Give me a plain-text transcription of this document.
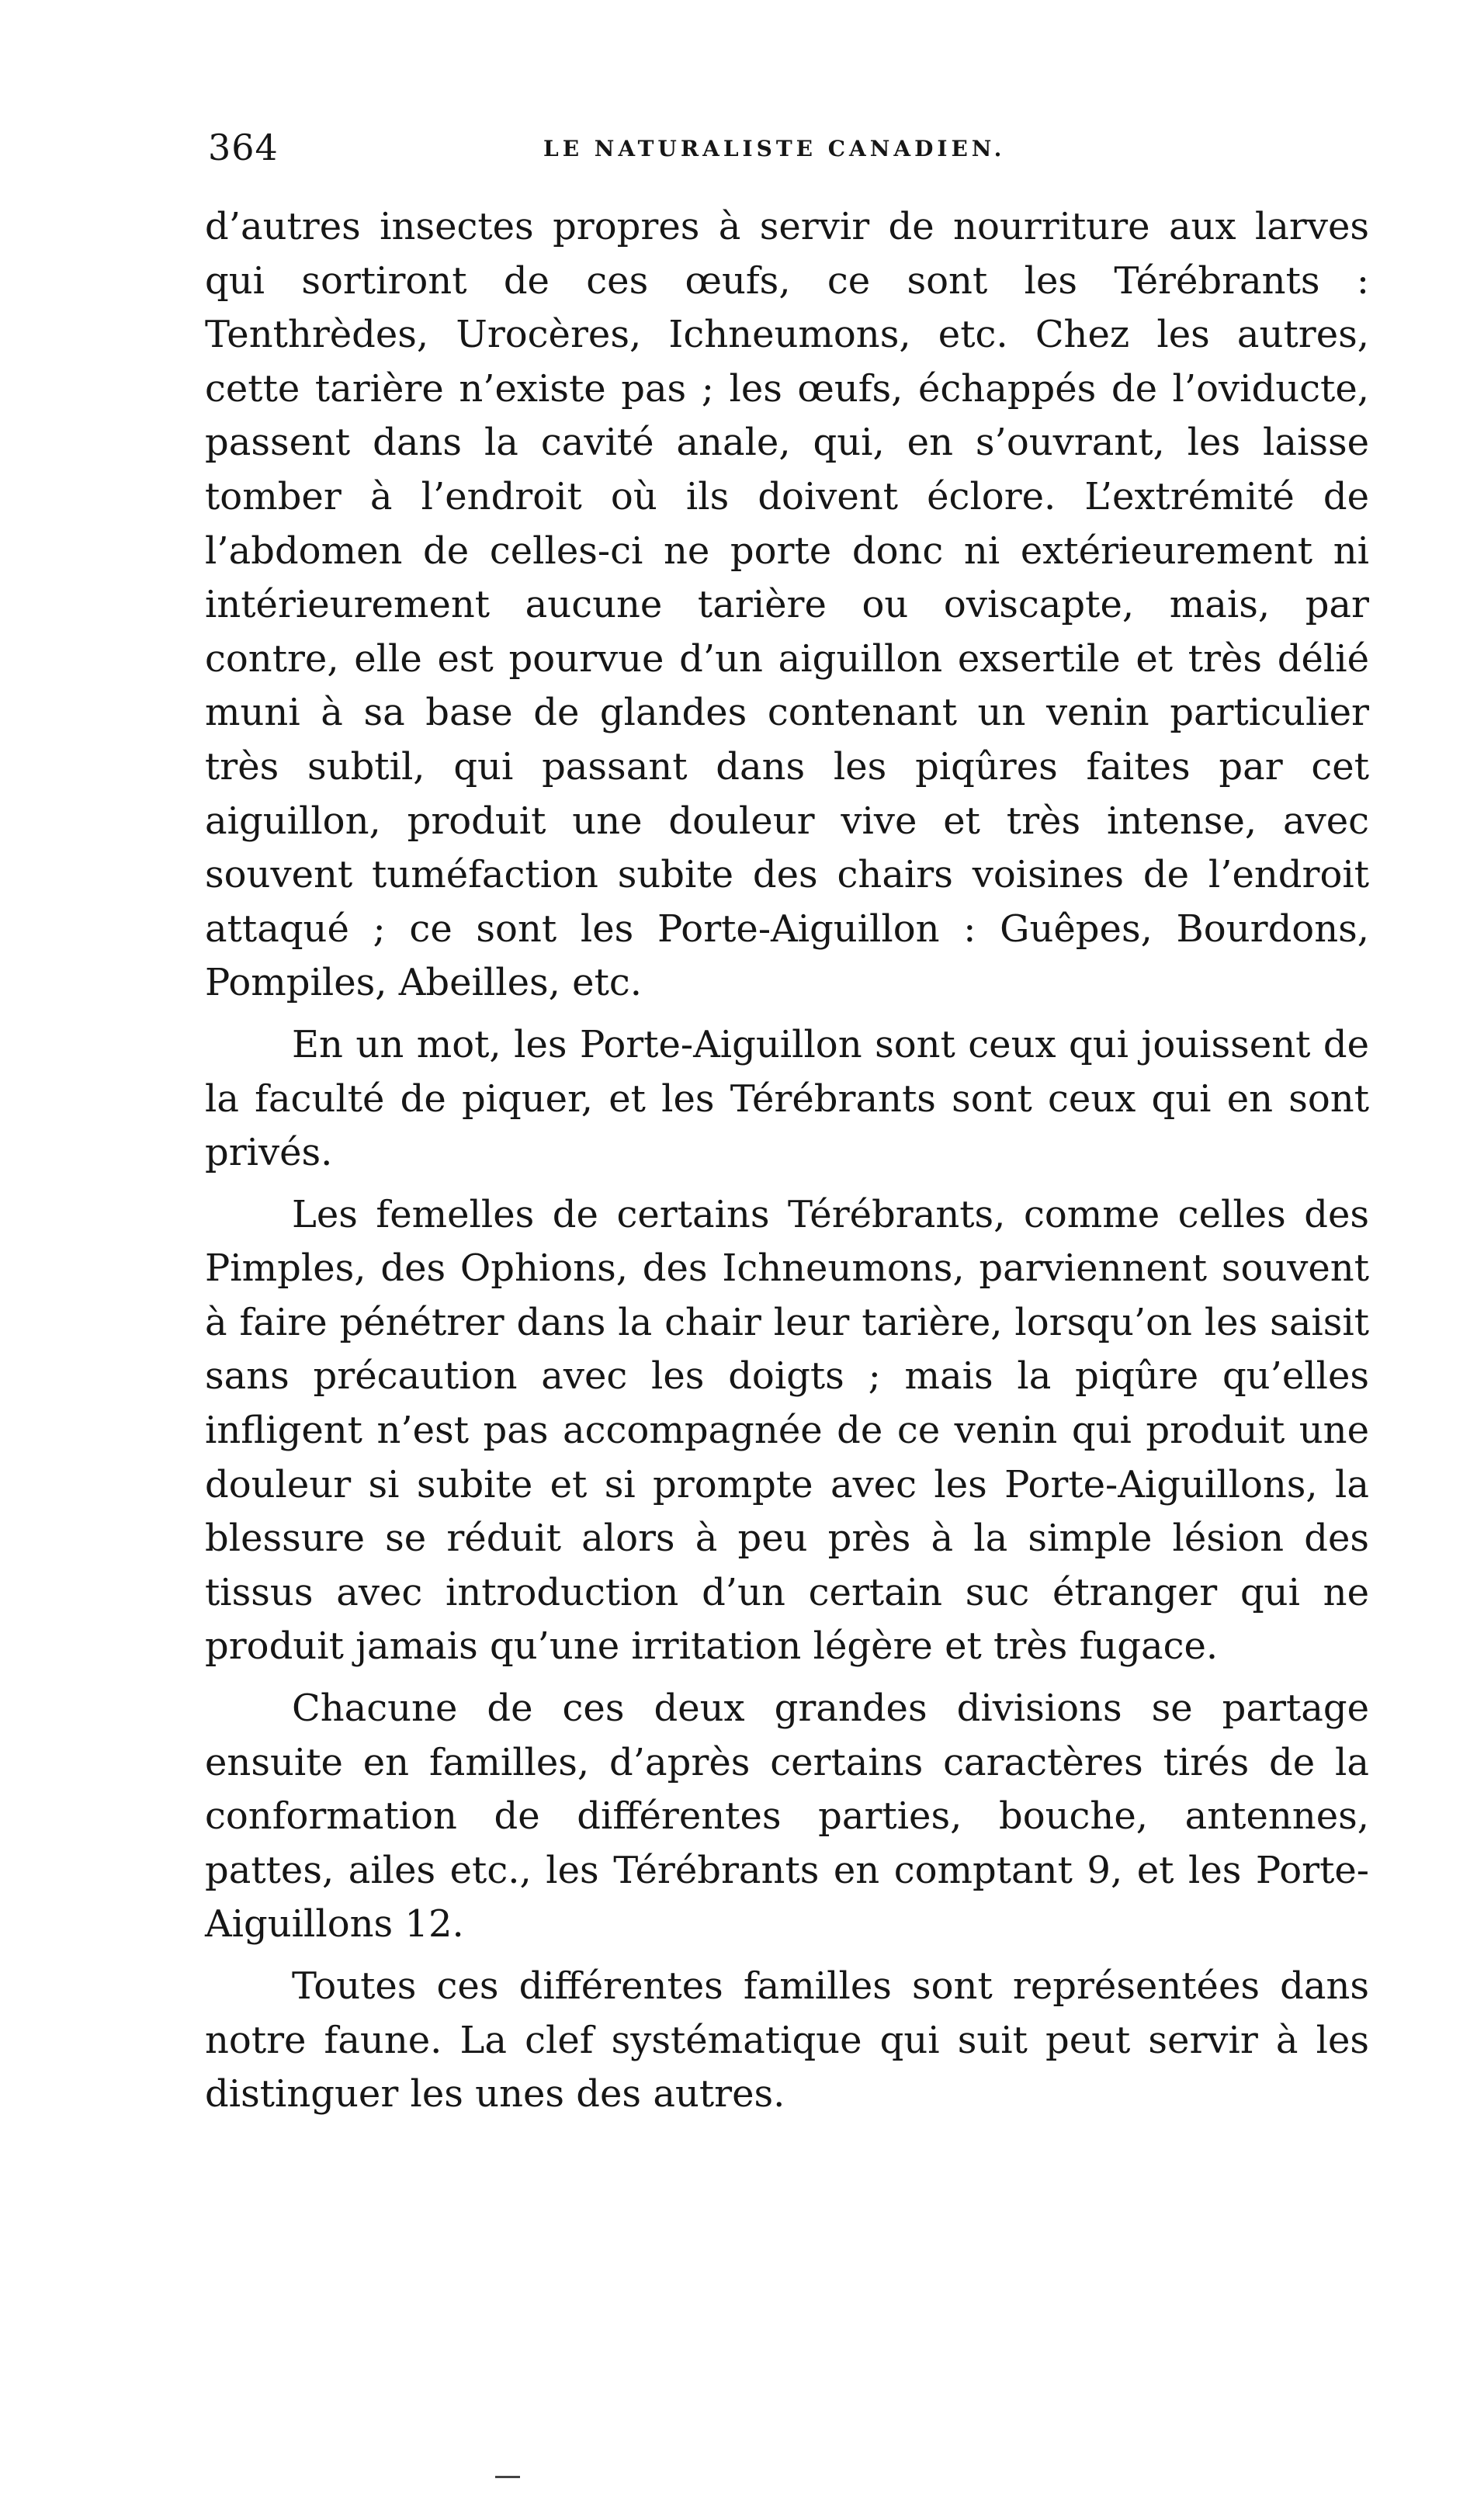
364	LE NATURALISTE CANADIEN.

d’autres insectes propres à servir de nourriture aux larves qui sortiront de ces œufs, ce sont les Térébrants : Tenthrèdes, Urocères, Ichneumons, etc. Chez les autres, cette tarière n’existe pas ; les œufs, échappés de l’oviducte, passent dans la cavité anale, qui, en s’ouvrant, les laisse tomber à l’endroit où ils doivent éclore. L’extrémité de l’abdomen de celles-ci ne porte donc ni extérieurement ni intérieurement aucune tarière ou oviscapte, mais, par contre, elle est pourvue d’un aiguillon exsertile et très délié muni à sa base de glandes contenant un venin particulier très subtil, qui passant dans les piqûres faites par cet aiguillon, produit une douleur vive et très intense, avec souvent tuméfaction subite des chairs voisines de l’endroit attaqué ; ce sont les Porte-Aiguillon : Guêpes, Bourdons, Pompiles, Abeilles, etc.

En un mot, les Porte-Aiguillon sont ceux qui jouissent de la faculté de piquer, et les Térébrants sont ceux qui en sont privés.

Les femelles de certains Térébrants, comme celles des Pimples, des Ophions, des Ichneumons, parviennent souvent à faire pénétrer dans la chair leur tarière, lorsqu’on les saisit sans précaution avec les doigts ; mais la piqûre qu’elles infligent n’est pas accompagnée de ce venin qui produit une douleur si subite et si prompte avec les Porte-Aiguillons, la blessure se réduit alors à peu près à la simple lésion des tissus avec introduction d’un certain suc étranger qui ne produit jamais qu’une irritation légère et très fugace.

Chacune de ces deux grandes divisions se partage ensuite en familles, d’après certains caractères tirés de la conformation de différentes parties, bouche, antennes, pattes, ailes etc., les Térébrants en comptant 9, et les Porte-Aiguillons 12.

Toutes ces différentes familles sont représentées dans notre faune. La clef systématique qui suit peut servir à les distinguer les unes des autres.
